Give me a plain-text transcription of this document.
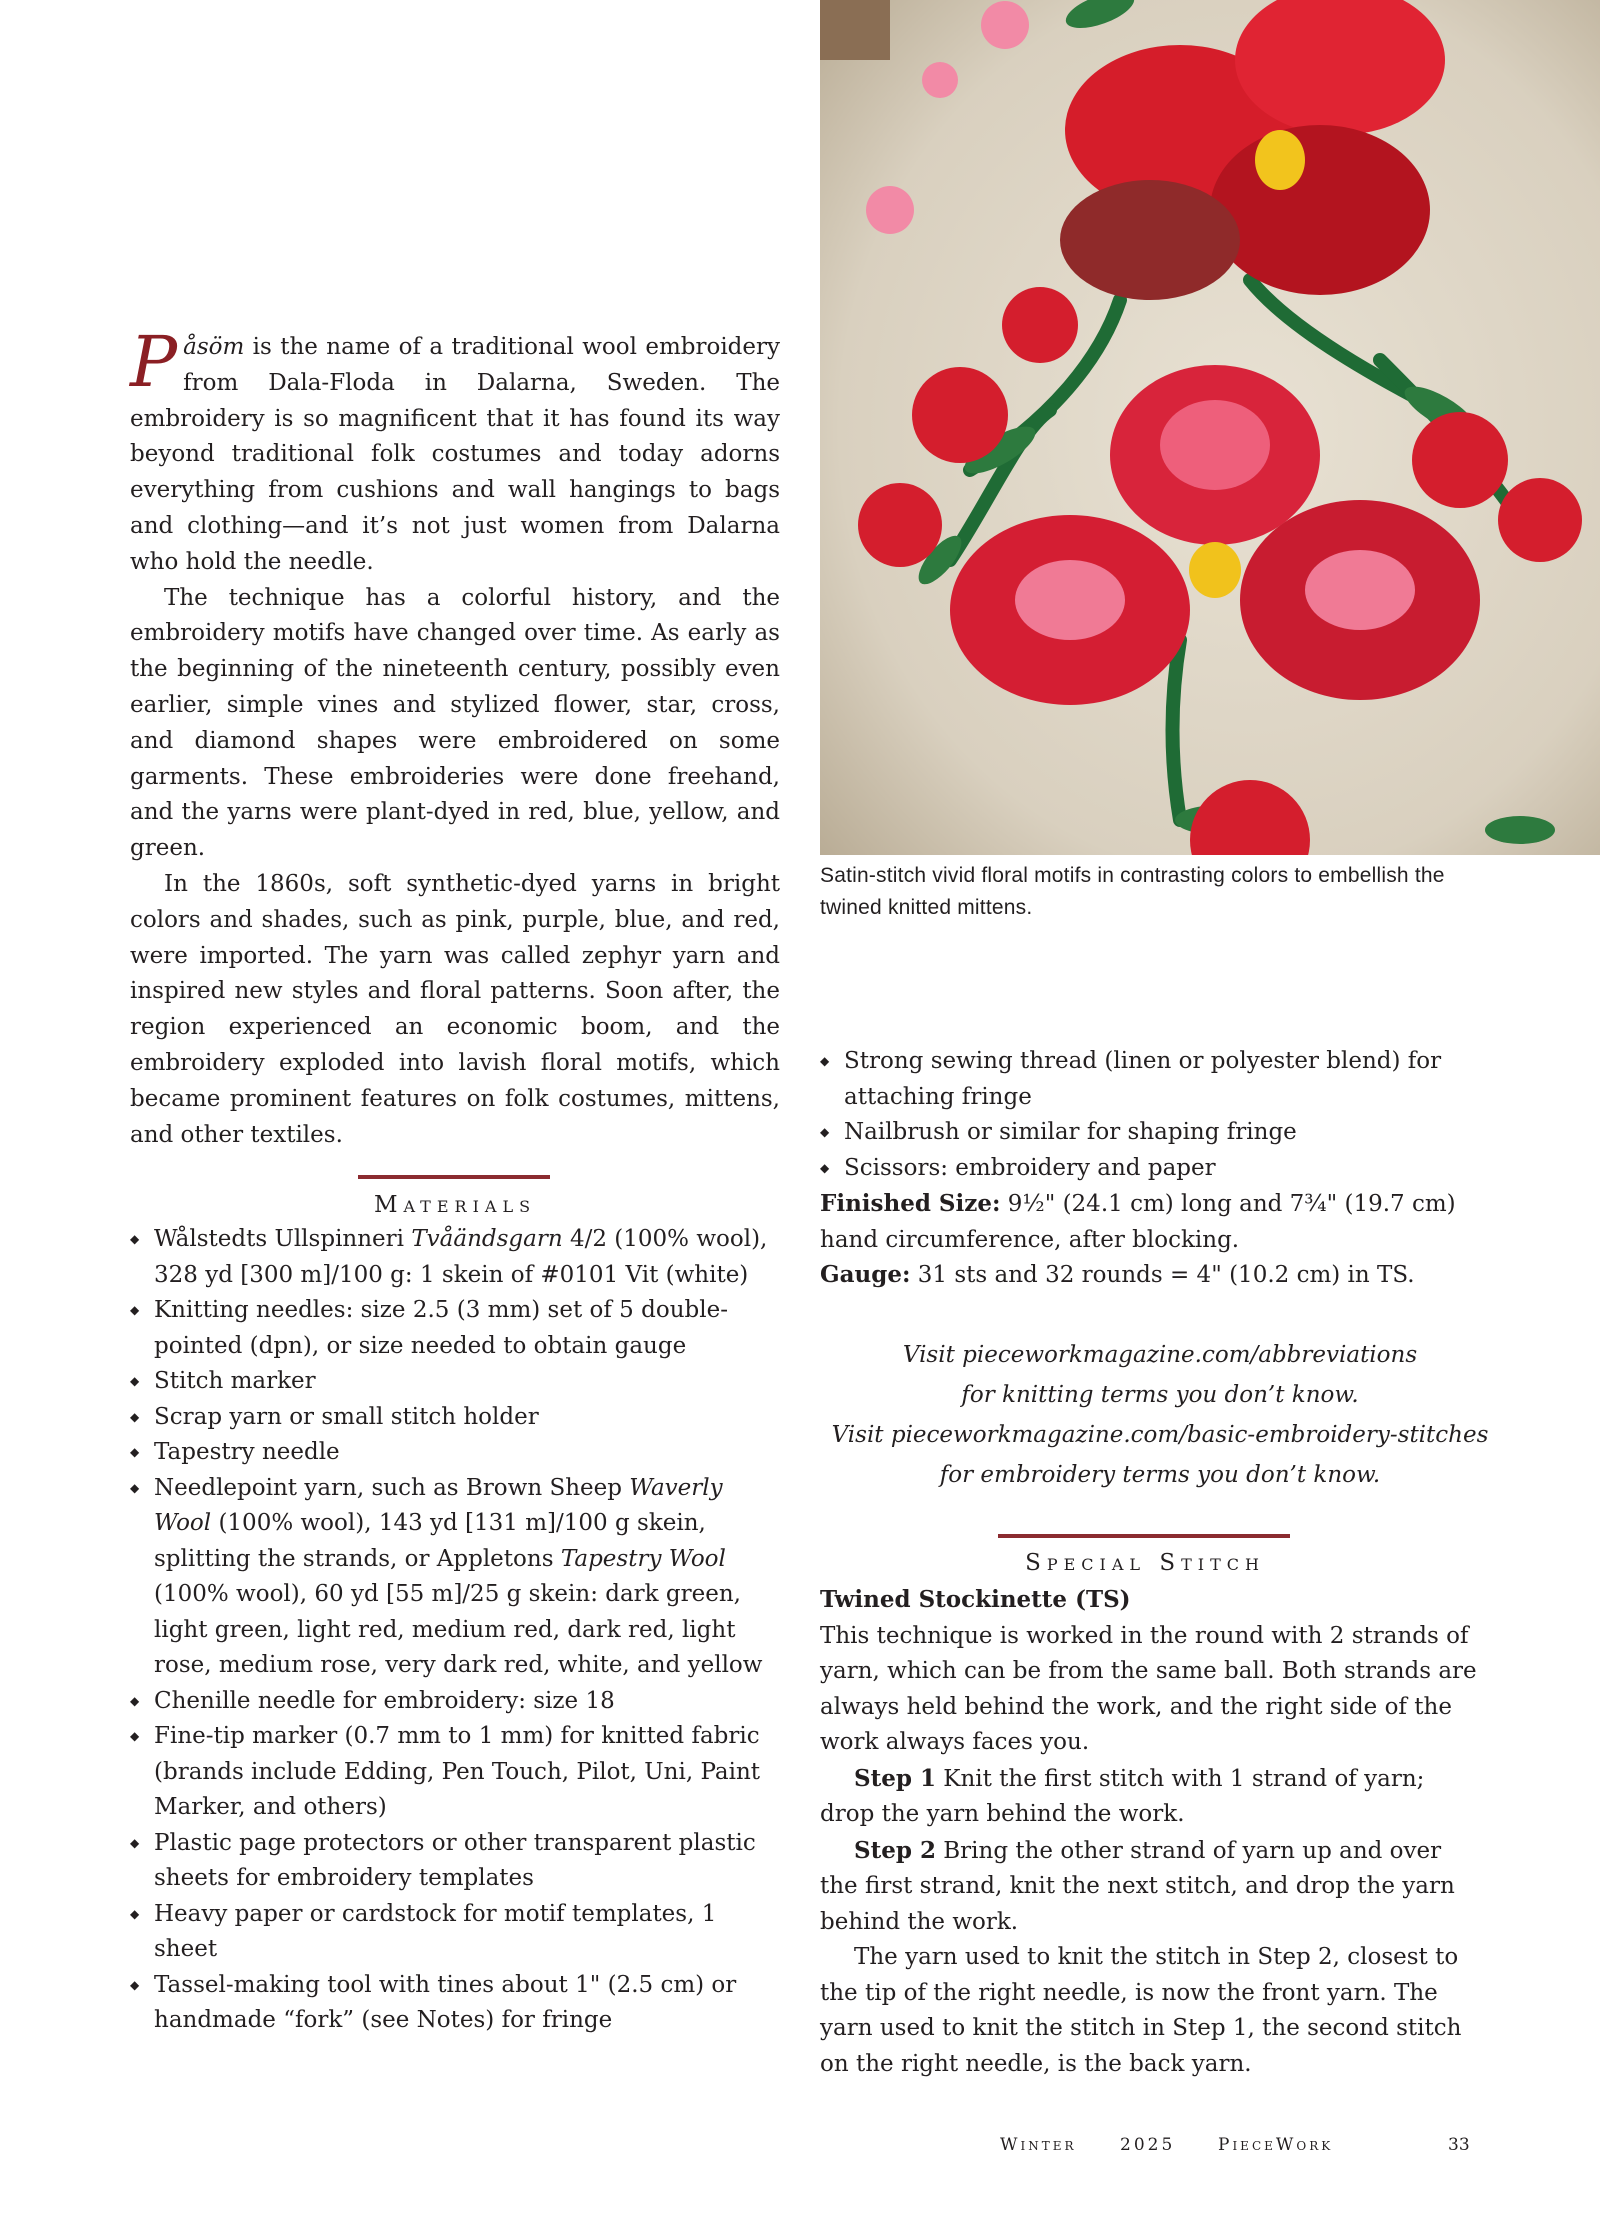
Satin-stitch vivid floral motifs in contrasting colors to embellish the twined knitted mittens.

Påsöm is the name of a traditional wool embroidery from Dala-Floda in Dalarna, Sweden. The embroidery is so magnificent that it has found its way beyond traditional folk costumes and today adorns everything from cushions and wall hangings to bags and clothing—and it’s not just women from Dalarna who hold the needle.

The technique has a colorful history, and the embroidery motifs have changed over time. As early as the beginning of the nineteenth century, possibly even earlier, simple vines and stylized flower, star, cross, and diamond shapes were embroidered on some garments. These embroideries were done freehand, and the yarns were plant-dyed in red, blue, yellow, and green.

In the 1860s, soft synthetic-dyed yarns in bright colors and shades, such as pink, purple, blue, and red, were imported. The yarn was called zephyr yarn and inspired new styles and floral patterns. Soon after, the region experienced an economic boom, and the embroidery exploded into lavish floral motifs, which became prominent features on folk costumes, mittens, and other textiles.

Materials
◆ Wålstedts Ullspinneri Tvåändsgarn 4/2 (100% wool), 328 yd [300 m]/100 g: 1 skein of #0101 Vit (white)
◆ Knitting needles: size 2.5 (3 mm) set of 5 double-pointed (dpn), or size needed to obtain gauge
◆ Stitch marker
◆ Scrap yarn or small stitch holder
◆ Tapestry needle
◆ Needlepoint yarn, such as Brown Sheep Waverly Wool (100% wool), 143 yd [131 m]/100 g skein, splitting the strands, or Appletons Tapestry Wool (100% wool), 60 yd [55 m]/25 g skein: dark green, light green, light red, medium red, dark red, light rose, medium rose, very dark red, white, and yellow
◆ Chenille needle for embroidery: size 18
◆ Fine-tip marker (0.7 mm to 1 mm) for knitted fabric (brands include Edding, Pen Touch, Pilot, Uni, Paint Marker, and others)
◆ Plastic page protectors or other transparent plastic sheets for embroidery templates
◆ Heavy paper or cardstock for motif templates, 1 sheet
◆ Tassel-making tool with tines about 1" (2.5 cm) or handmade “fork” (see Notes) for fringe
◆ Strong sewing thread (linen or polyester blend) for attaching fringe
◆ Nailbrush or similar for shaping fringe
◆ Scissors: embroidery and paper
Finished Size: 9½" (24.1 cm) long and 7¾" (19.7 cm) hand circumference, after blocking.
Gauge: 31 sts and 32 rounds = 4" (10.2 cm) in TS.
Visit pieceworkmagazine.com/abbreviations
for knitting terms you don’t know.
Visit pieceworkmagazine.com/basic-embroidery-stitches
for embroidery terms you don’t know.
Special Stitch

Twined Stockinette (TS)

This technique is worked in the round with 2 strands of yarn, which can be from the same ball. Both strands are always held behind the work, and the right side of the work always faces you.

Step 1 Knit the first stitch with 1 strand of yarn; drop the yarn behind the work.

Step 2 Bring the other strand of yarn up and over the first strand, knit the next stitch, and drop the yarn behind the work.

The yarn used to knit the stitch in Step 2, closest to the tip of the right needle, is now the front yarn. The yarn used to knit the stitch in Step 1, the second stitch on the right needle, is the back yarn.

Winter	2025	PieceWork	33
